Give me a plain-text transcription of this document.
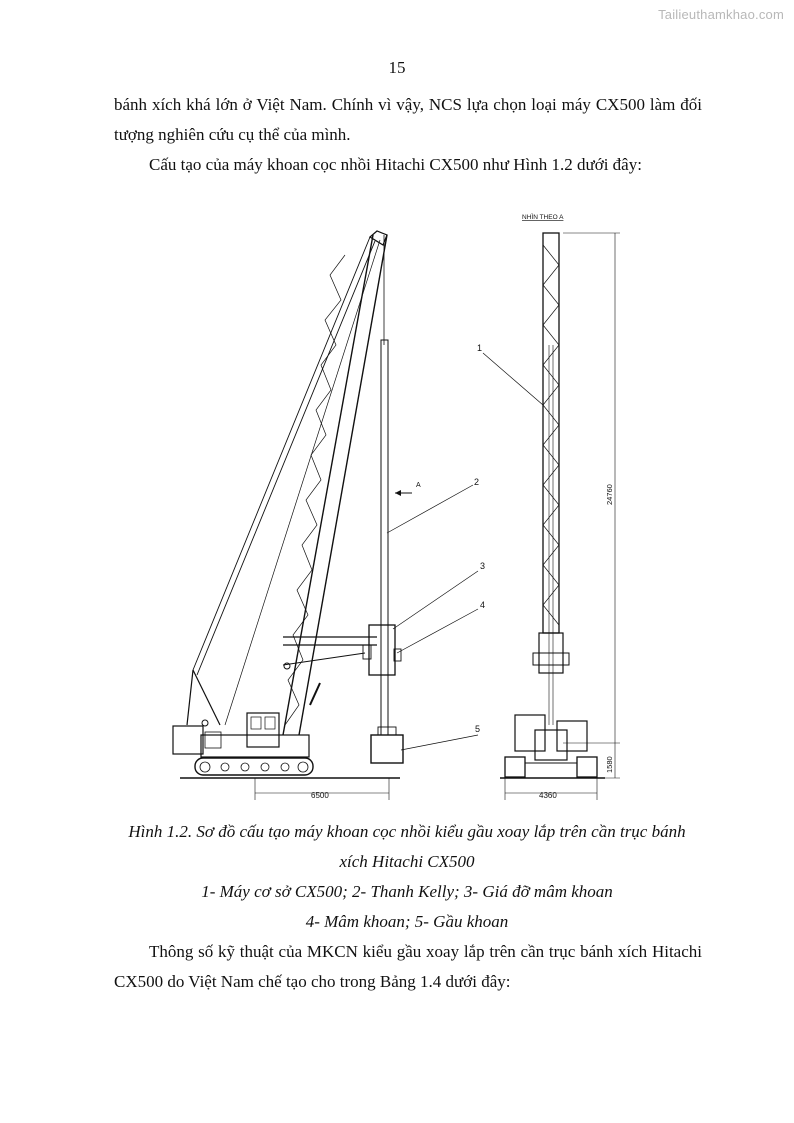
Tailieuthamkhao.com
15
bánh xích khá lớn ở Việt Nam. Chính vì vậy, NCS lựa chọn loại máy CX500 làm đối tượng nghiên cứu cụ thể của mình.
Cấu tạo của máy khoan cọc nhồi Hitachi CX500 như Hình 1.2 dưới đây:
A	2
3
4
5
6500
NHÌN THEO A
1
24760
1580
4360
Hình 1.2. Sơ đồ cấu tạo máy khoan cọc nhồi kiểu gầu xoay lắp trên cần trục bánh
xích Hitachi CX500
1- Máy cơ sở CX500; 2- Thanh Kelly; 3- Giá đỡ mâm khoan
4- Mâm khoan; 5- Gầu khoan
Thông số kỹ thuật của MKCN kiểu gầu xoay lắp trên cần trục bánh xích Hitachi CX500 do Việt Nam chế tạo cho trong Bảng 1.4 dưới đây:
